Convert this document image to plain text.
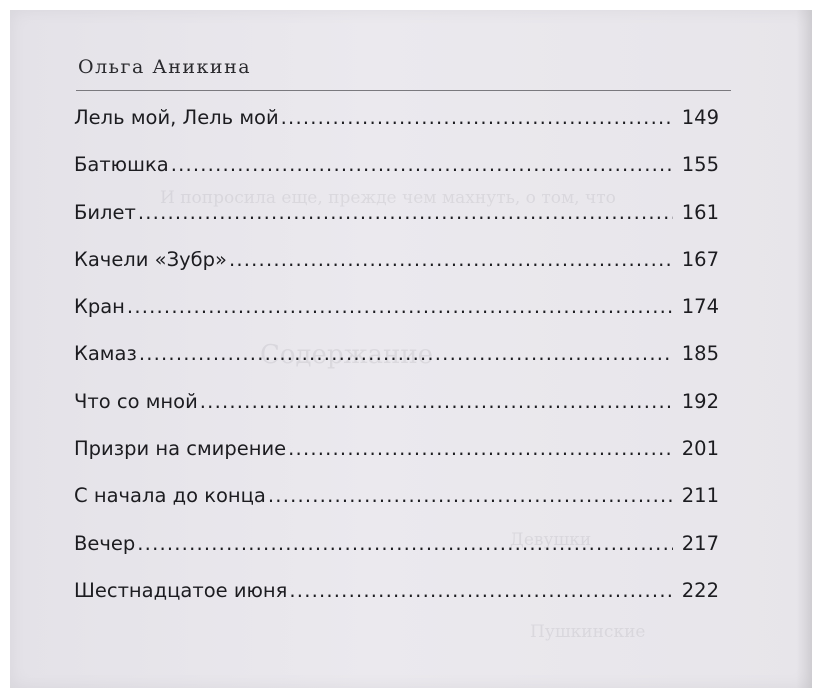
И попросила еще, прежде чем махнуть, о том, что
Содержание
Девушки
Пушкинские
Ольга Аникина
Лель мой, Лель мой .....	149
Батюшка .....	155
Билет .....	161
Качели «Зубр» .....	167
Кран .....	174
Камаз .....	185
Что со мной .....	192
Призри на смирение .....	201
С начала до конца .....	211
Вечер .....	217
Шестнадцатое июня .....	222
